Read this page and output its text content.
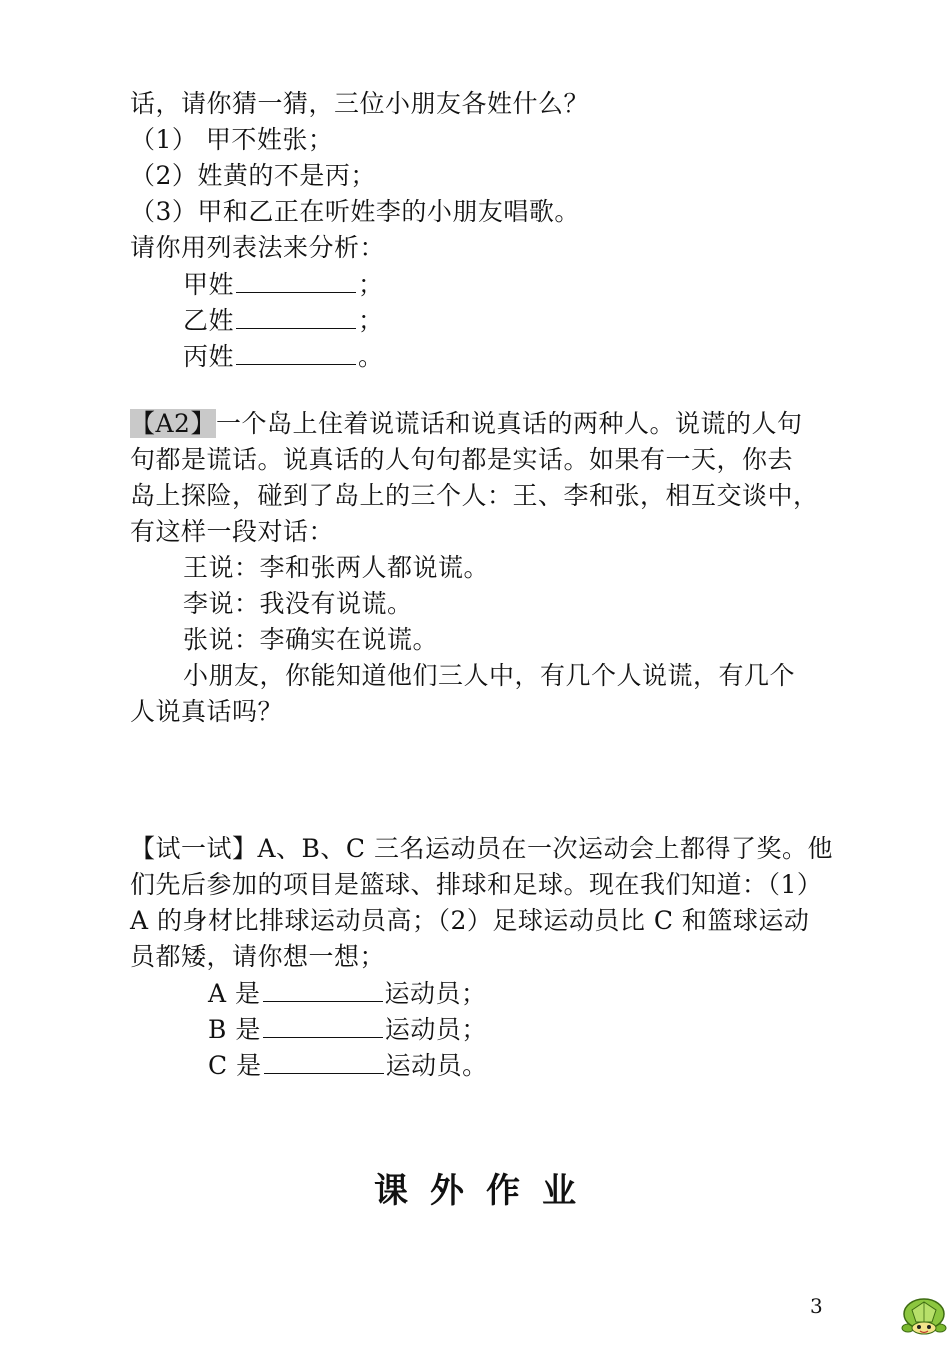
话，请你猜一猜，三位小朋友各姓什么？
（1） 甲不姓张；
（2）姓黄的不是丙；
（3）甲和乙正在听姓李的小朋友唱歌。
请你用列表法来分析：
甲姓	；
乙姓	；
丙姓	。
【A2】一个岛上住着说谎话和说真话的两种人。说谎的人句
句都是谎话。说真话的人句句都是实话。如果有一天，你去
岛上探险，碰到了岛上的三个人：王、李和张，相互交谈中，
有这样一段对话：
王说：李和张两人都说谎。
李说：我没有说谎。
张说：李确实在说谎。
小朋友，你能知道他们三人中，有几个人说谎，有几个
人说真话吗？
【试一试】A、B、C 三名运动员在一次运动会上都得了奖。他
们先后参加的项目是篮球、排球和足球。现在我们知道：（1）
A 的身材比排球运动员高；（2）足球运动员比 C 和篮球运动
员都矮，请你想一想；
A 是	运动员；
B 是	运动员；
C 是	运动员。
课外作业
3
